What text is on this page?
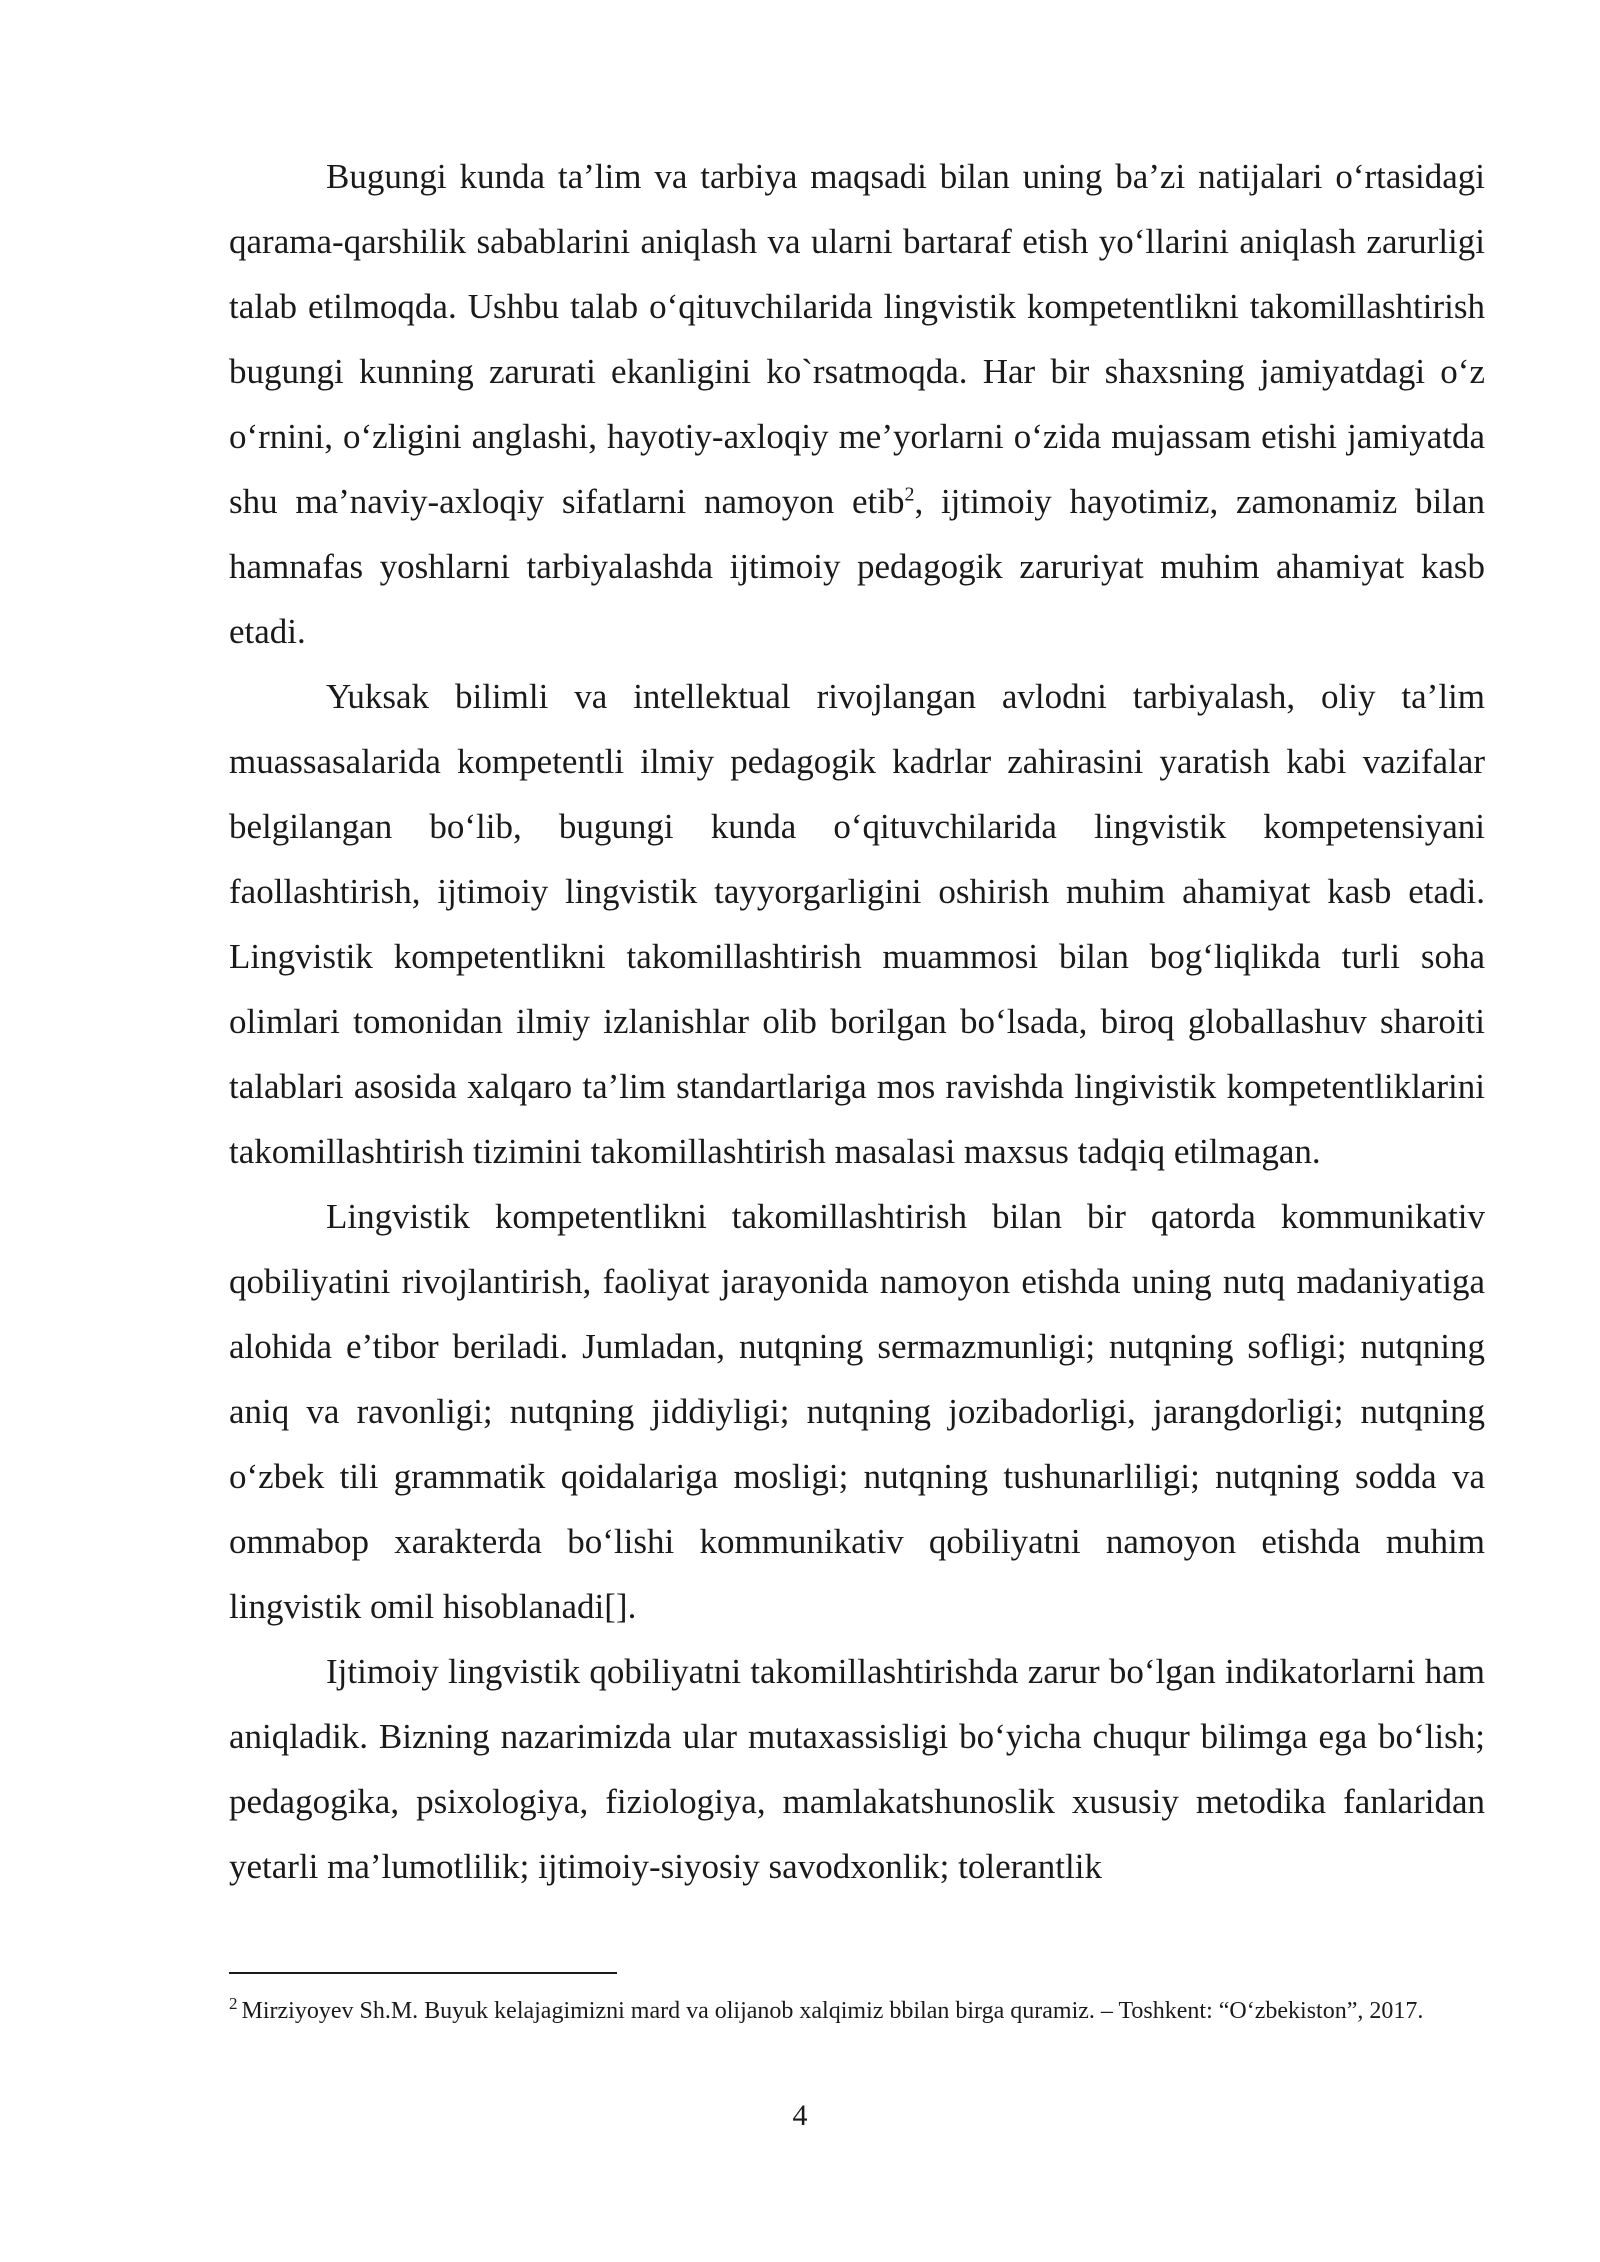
Bugungi kunda ta’lim va tarbiya maqsadi bilan uning ba’zi natijalari o‘rtasidagi qarama-qarshilik sabablarini aniqlash va ularni bartaraf etish yo‘llarini aniqlash zarurligi talab etilmoqda. Ushbu talab o‘qituvchilarida lingvistik kompetentlikni takomillashtirish bugungi kunning zarurati ekanligini ko`rsatmoqda. Har bir shaxsning jamiyatdagi o‘z o‘rnini, o‘zligini anglashi, hayotiy-axloqiy me’yorlarni o‘zida mujassam etishi jamiyatda shu ma’naviy-axloqiy sifatlarni namoyon etib$^2$, ijtimoiy hayotimiz, zamonamiz bilan hamnafas yoshlarni tarbiyalashda ijtimoiy pedagogik zaruriyat muhim ahamiyat kasb etadi.

Yuksak bilimli va intellektual rivojlangan avlodni tarbiyalash, oliy ta’lim muassasalarida kompetentli ilmiy pedagogik kadrlar zahirasini yaratish kabi vazifalar belgilangan bo‘lib, bugungi kunda o‘qituvchilarida lingvistik kompetensiyani faollashtirish, ijtimoiy lingvistik tayyorgarligini oshirish muhim ahamiyat kasb etadi. Lingvistik kompetentlikni takomillashtirish muammosi bilan bog‘liqlikda turli soha olimlari tomonidan ilmiy izlanishlar olib borilgan bo‘lsada, biroq globallashuv sharoiti talablari asosida xalqaro ta’lim standartlariga mos ravishda lingivistik kompetentliklarini takomillashtirish tizimini takomillashtirish masalasi maxsus tadqiq etilmagan.

Lingvistik kompetentlikni takomillashtirish bilan bir qatorda kommunikativ qobiliyatini rivojlantirish, faoliyat jarayonida namoyon etishda uning nutq madaniyatiga alohida e’tibor beriladi. Jumladan, nutqning sermazmunligi; nutqning sofligi; nutqning aniq va ravonligi; nutqning jiddiyligi; nutqning jozibadorligi, jarangdorligi; nutqning o‘zbek tili grammatik qoidalariga mosligi; nutqning tushunarliligi; nutqning sodda va ommabop xarakterda bo‘lishi kommunikativ qobiliyatni namoyon etishda muhim lingvistik omil hisoblanadi[].

Ijtimoiy lingvistik qobiliyatni takomillashtirishda zarur bo‘lgan indikatorlarni ham aniqladik. Bizning nazarimizda ular mutaxassisligi bo‘yicha chuqur bilimga ega bo‘lish; pedagogika, psixologiya, fiziologiya, mamlakatshunoslik xususiy metodika fanlaridan yetarli ma’lumotlilik; ijtimoiy-siyosiy savodxonlik; tolerantlik

$^2$ Mirziyoyev Sh.M. Buyuk kelajagimizni mard va olijanob xalqimiz bbilan birga quramiz. – Toshkent: “O‘zbekiston”, 2017.
4
